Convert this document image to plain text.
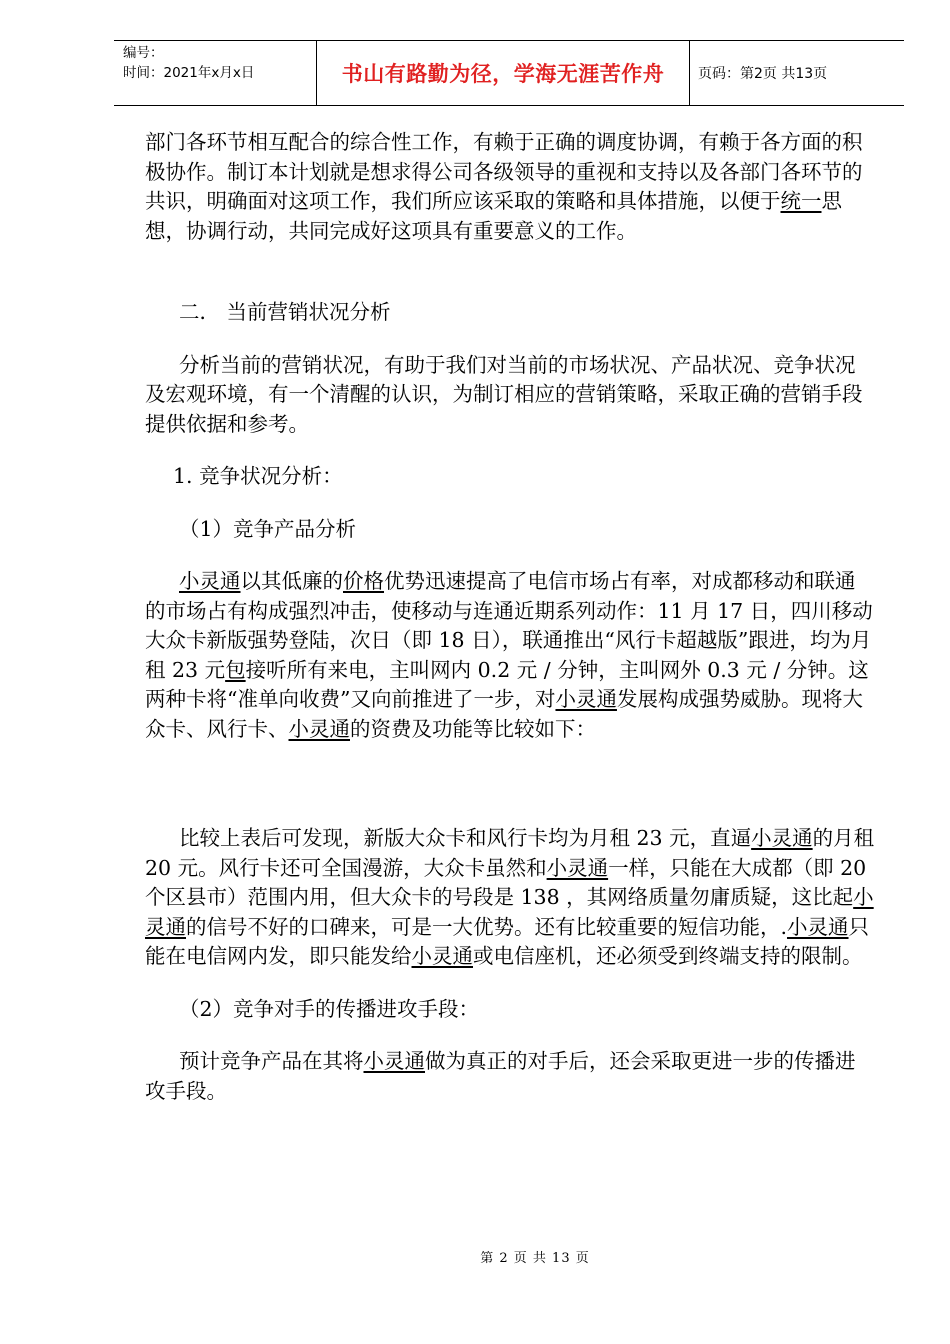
编号：
时间：2021年x月x日	书山有路勤为径，学海无涯苦作舟	页码：第2页 共13页

部门各环节相互配合的综合性工作，有赖于正确的调度协调，有赖于各方面的积极协作。制订本计划就是想求得公司各级领导的重视和支持以及各部门各环节的共识，明确面对这项工作，我们所应该采取的策略和具体措施，以便于统一思想，协调行动，共同完成好这项具有重要意义的工作。

二． 当前营销状况分析

分析当前的营销状况，有助于我们对当前的市场状况、产品状况、竞争状况及宏观环境，有一个清醒的认识，为制订相应的营销策略，采取正确的营销手段提供依据和参考。

1. 竞争状况分析：

（1）竞争产品分析

小灵通以其低廉的价格优势迅速提高了电信市场占有率，对成都移动和联通的市场占有构成强烈冲击，使移动与连通近期系列动作：11 月 17 日，四川移动大众卡新版强势登陆，次日（即 18 日），联通推出“风行卡超越版”跟进，均为月租 23 元包接听所有来电，主叫网内 0.2 元 / 分钟，主叫网外 0.3 元 / 分钟。这两种卡将“准单向收费”又向前推进了一步，对小灵通发展构成强势威胁。现将大众卡、风行卡、小灵通的资费及功能等比较如下：

比较上表后可发现，新版大众卡和风行卡均为月租 23 元，直逼小灵通的月租 20 元。风行卡还可全国漫游，大众卡虽然和小灵通一样，只能在大成都（即 20 个区县市）范围内用，但大众卡的号段是 138 ，其网络质量勿庸质疑，这比起小灵通的信号不好的口碑来，可是一大优势。还有比较重要的短信功能，.小灵通只能在电信网内发，即只能发给小灵通或电信座机，还必须受到终端支持的限制。

（2）竞争对手的传播进攻手段：

预计竞争产品在其将小灵通做为真正的对手后，还会采取更进一步的传播进攻手段。

第 2 页 共 13 页
